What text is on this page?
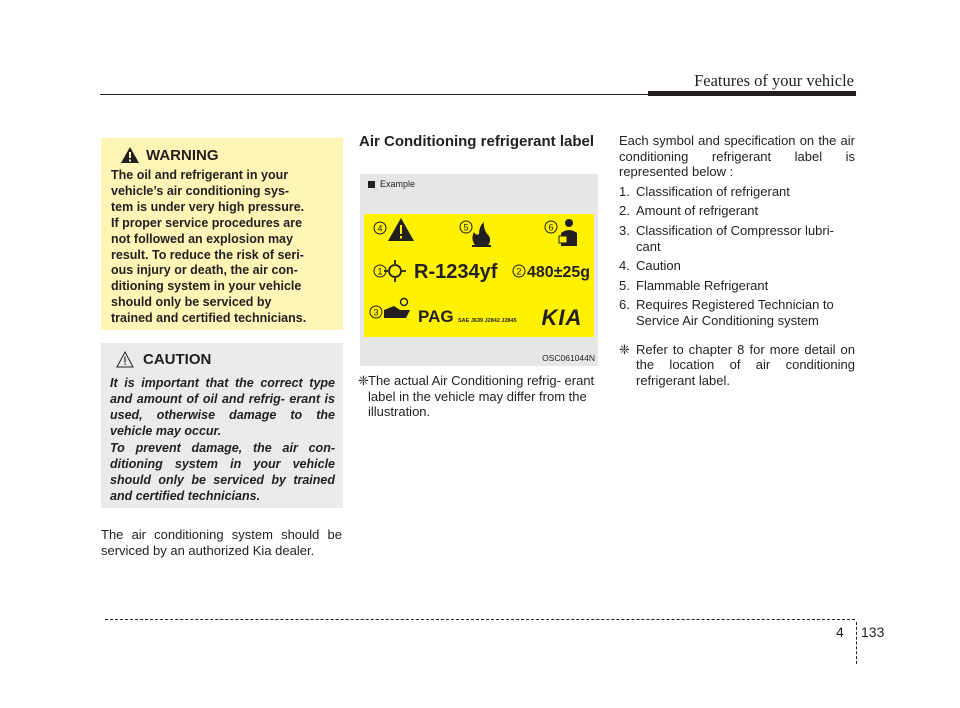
Features of your vehicle
WARNING
The oil and refrigerant in your
vehicle’s air conditioning sys-
tem is under very high pressure.
If proper service procedures are
not followed an explosion may
result. To reduce the risk of seri-
ous injury or death, the air con-
ditioning system in your vehicle
should only be serviced by
trained and certified technicians.
CAUTION
It is important that the correct type and amount of oil and refrig- erant is used, otherwise damage to the vehicle may occur.
To prevent damage, the air con- ditioning system in your vehicle should only be serviced by trained and certified technicians.
The air conditioning system should be serviced by an authorized Kia dealer.
Air Conditioning refrigerant label
Example
4	5	6
1 R-1234yf 2 480±25g
3 PAG SAE J639 J2842 J2845 KIA
OSC061044N
❈ The actual Air Conditioning refrig- erant label in the vehicle may differ from the illustration.
Each symbol and specification on the air conditioning refrigerant label is represented below :
1. Classification of refrigerant
2. Amount of refrigerant
3. Classification of Compressor lubri- cant
4. Caution
5. Flammable Refrigerant
6. Requires Registered Technician to Service Air Conditioning system
❈ Refer to chapter 8 for more detail on the location of air conditioning refrigerant label.
4 133
